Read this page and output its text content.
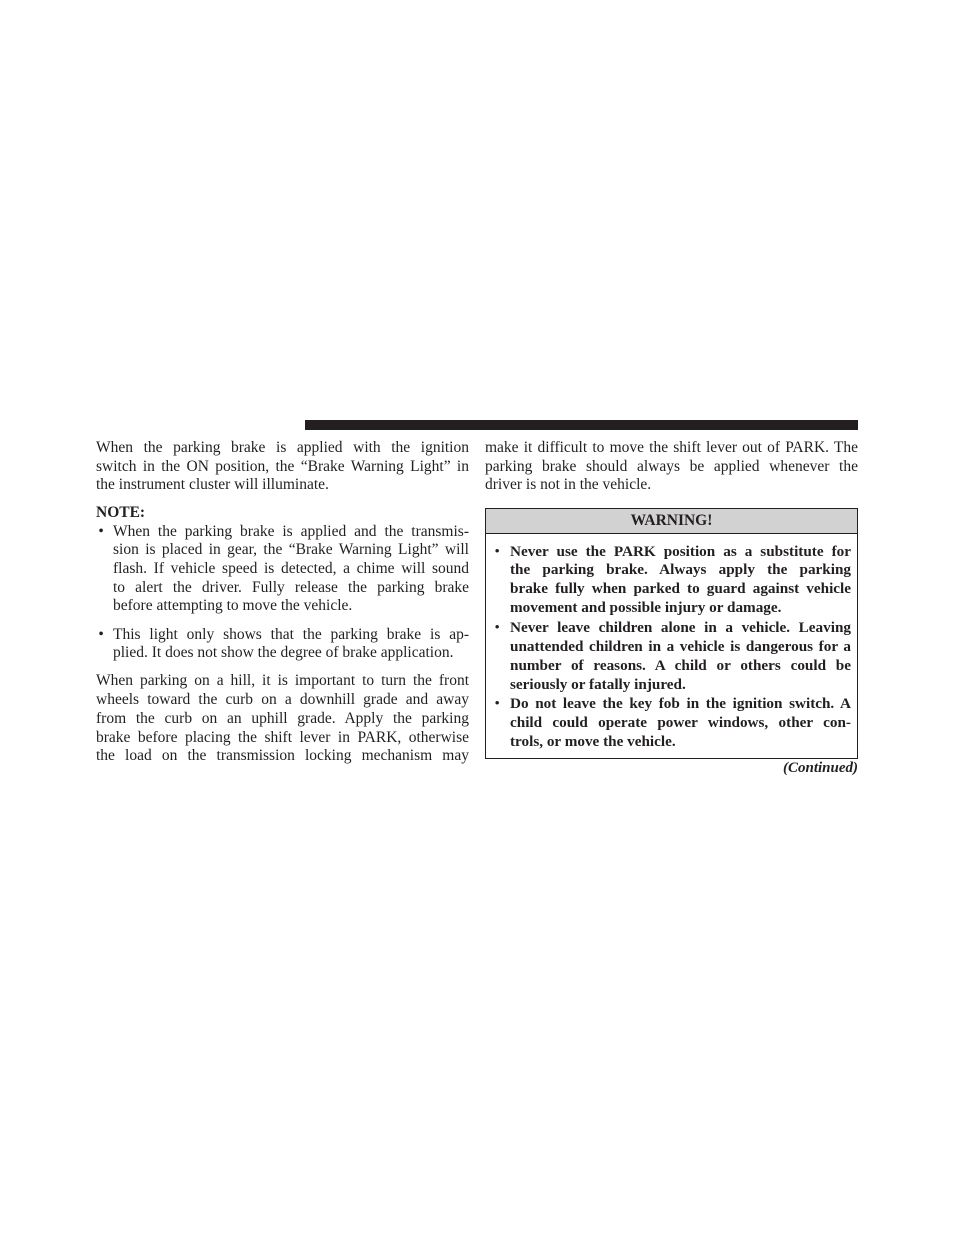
When the parking brake is applied with the ignition
switch in the ON position, the “Brake Warning Light” in
the instrument cluster will illuminate.
NOTE:
• When the parking brake is applied and the transmis-
sion is placed in gear, the “Brake Warning Light” will
flash. If vehicle speed is detected, a chime will sound
to alert the driver. Fully release the parking brake
before attempting to move the vehicle.
• This light only shows that the parking brake is ap-
plied. It does not show the degree of brake application.
When parking on a hill, it is important to turn the front
wheels toward the curb on a downhill grade and away
from the curb on an uphill grade. Apply the parking
brake before placing the shift lever in PARK, otherwise
the load on the transmission locking mechanism may
make it difficult to move the shift lever out of PARK. The
parking brake should always be applied whenever the
driver is not in the vehicle.
WARNING!
• Never use the PARK position as a substitute for
the parking brake. Always apply the parking
brake fully when parked to guard against vehicle
movement and possible injury or damage.
• Never leave children alone in a vehicle. Leaving
unattended children in a vehicle is dangerous for a
number of reasons. A child or others could be
seriously or fatally injured.
• Do not leave the key fob in the ignition switch. A
child could operate power windows, other con-
trols, or move the vehicle.
(Continued)
